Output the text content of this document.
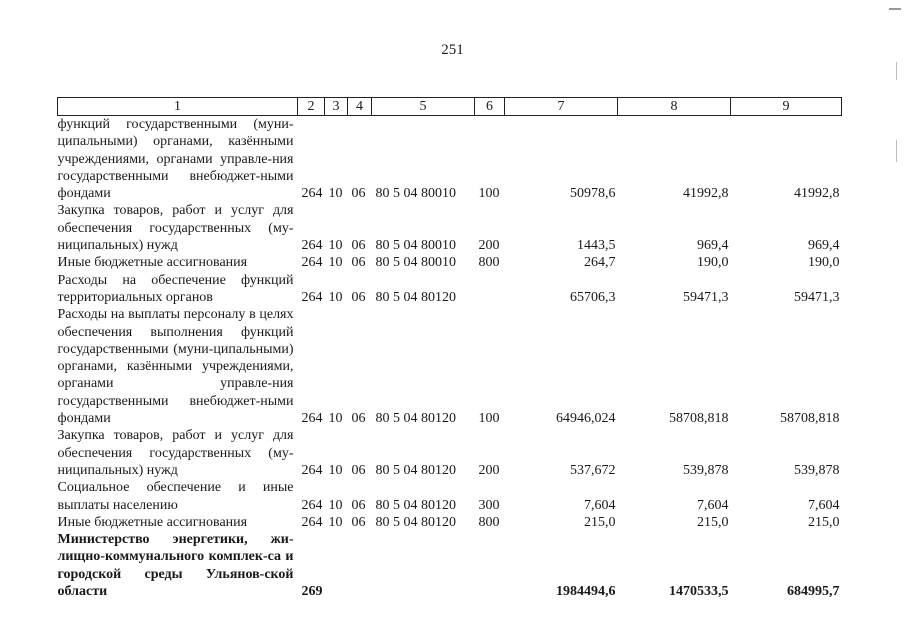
251
1	2	3	4	5	6	7	8	9
функций государственными (муни-ципальными) органами, казёнными учреждениями, органами управле-ния государственными внебюджет-ными фондами	264	10	06	80 5 04 80010	100	50978,6	41992,8	41992,8
Закупка товаров, работ и услуг для обеспечения государственных (му-ниципальных) нужд	264	10	06	80 5 04 80010	200	1443,5	969,4	969,4
Иные бюджетные ассигнования	264	10	06	80 5 04 80010	800	264,7	190,0	190,0
Расходы на обеспечение функций территориальных органов	264	10	06	80 5 04 80120		65706,3	59471,3	59471,3
Расходы на выплаты персоналу в целях обеспечения выполнения функций государственными (муни-ципальными) органами, казёнными учреждениями, органами управле-ния государственными внебюджет-ными фондами	264	10	06	80 5 04 80120	100	64946,024	58708,818	58708,818
Закупка товаров, работ и услуг для обеспечения государственных (му-ниципальных) нужд	264	10	06	80 5 04 80120	200	537,672	539,878	539,878
Социальное обеспечение и иные выплаты населению	264	10	06	80 5 04 80120	300	7,604	7,604	7,604
Иные бюджетные ассигнования	264	10	06	80 5 04 80120	800	215,0	215,0	215,0
Министерство энергетики, жи-лищно-коммунального комплек-са и городской среды Ульянов-ской области	269					1984494,6	1470533,5	684995,7
